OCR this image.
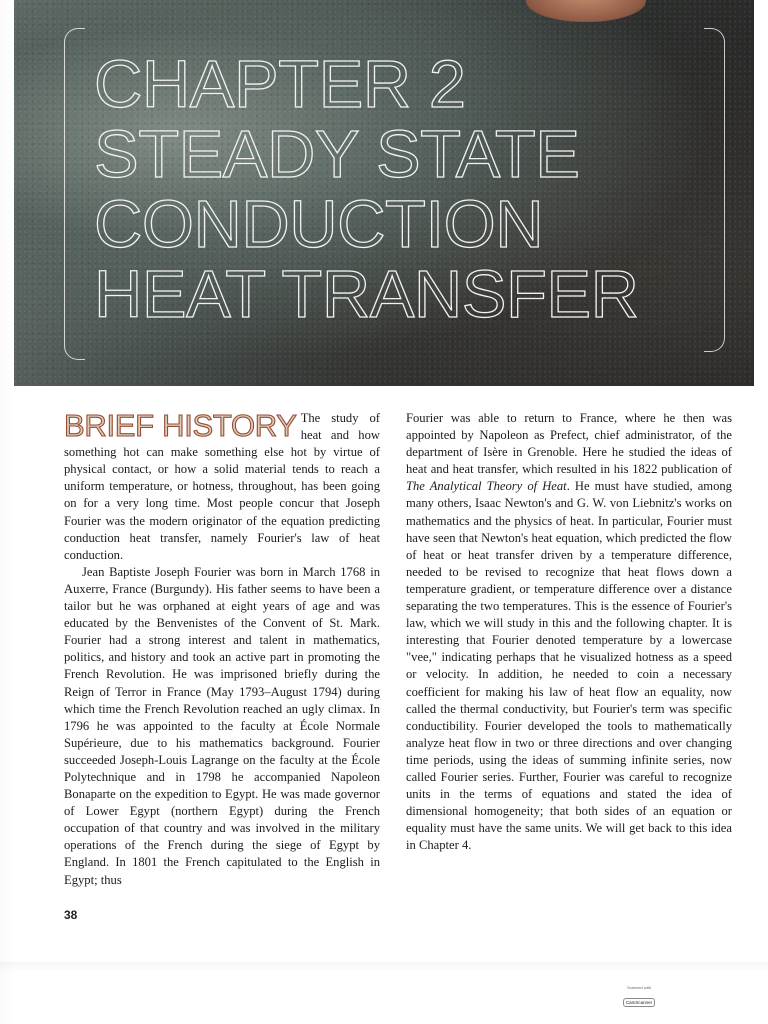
CHAPTER 2
STEADY STATE
CONDUCTION
HEAT TRANSFER

BRIEF HISTORY The study of heat and how something hot can make something else hot by virtue of physical contact, or how a solid material tends to reach a uniform temperature, or hotness, throughout, has been going on for a very long time. Most people concur that Joseph Fourier was the modern originator of the equation predicting conduction heat transfer, namely Fourier's law of heat conduction.

Jean Baptiste Joseph Fourier was born in March 1768 in Auxerre, France (Burgundy). His father seems to have been a tailor but he was orphaned at eight years of age and was educated by the Benvenistes of the Convent of St. Mark. Fourier had a strong interest and talent in mathematics, politics, and history and took an active part in promoting the French Revolution. He was imprisoned briefly during the Reign of Terror in France (May 1793–August 1794) during which time the French Revolution reached an ugly climax. In 1796 he was appointed to the faculty at École Normale Supérieure, due to his mathematics background. Fourier succeeded Joseph-Louis Lagrange on the faculty at the École Polytechnique and in 1798 he accompanied Napoleon Bonaparte on the expedition to Egypt. He was made governor of Lower Egypt (northern Egypt) during the French occupation of that country and was involved in the military operations of the French during the siege of Egypt by England. In 1801 the French capitulated to the English in Egypt; thus

Fourier was able to return to France, where he then was appointed by Napoleon as Prefect, chief administrator, of the department of Isère in Grenoble. Here he studied the ideas of heat and heat transfer, which resulted in his 1822 publication of The Analytical Theory of Heat. He must have studied, among many others, Isaac Newton's and G. W. von Liebnitz's works on mathematics and the physics of heat. In particular, Fourier must have seen that Newton's heat equation, which predicted the flow of heat or heat transfer driven by a temperature difference, needed to be revised to recognize that heat flows down a temperature gradient, or temperature difference over a distance separating the two temperatures. This is the essence of Fourier's law, which we will study in this and the following chapter. It is interesting that Fourier denoted temperature by a lowercase "vee," indicating perhaps that he visualized hotness as a speed or velocity. In addition, he needed to coin a necessary coefficient for making his law of heat flow an equality, now called the thermal conductivity, but Fourier's term was specific conductibility. Fourier developed the tools to mathematically analyze heat flow in two or three directions and over changing time periods, using the ideas of summing infinite series, now called Fourier series. Further, Fourier was careful to recognize units in the terms of equations and stated the idea of dimensional homogeneity; that both sides of an equation or equality must have the same units. We will get back to this idea in Chapter 4.

38
Scanned with
CamScanner
